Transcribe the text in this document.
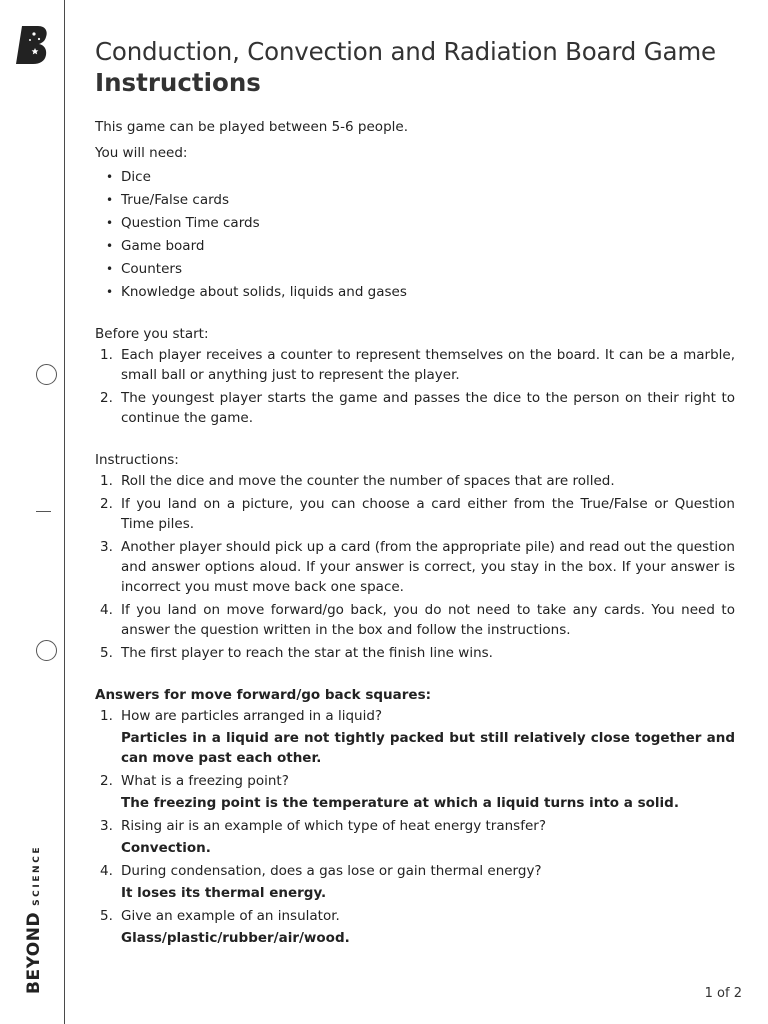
BEYOND
SCIENCE
Conduction, Convection and Radiation Board Game
Instructions

This game can be played between 5-6 people.

You will need:

• Dice
• True/False cards
• Question Time cards
• Game board
• Counters
• Knowledge about solids, liquids and gases
Before you start:
1. Each player receives a counter to represent themselves on the board. It can be a marble, small ball or anything just to represent the player.
2. The youngest player starts the game and passes the dice to the person on their right to continue the game.
Instructions:
1. Roll the dice and move the counter the number of spaces that are rolled.
2. If you land on a picture, you can choose a card either from the True/False or Question Time piles.
3. Another player should pick up a card (from the appropriate pile) and read out the question and answer options aloud. If your answer is correct, you stay in the box. If your answer is incorrect you must move back one space.
4. If you land on move forward/go back, you do not need to take any cards. You need to answer the question written in the box and follow the instructions.
5. The first player to reach the star at the finish line wins.
Answers for move forward/go back squares:
1. How are particles arranged in a liquid?
Particles in a liquid are not tightly packed but still relatively close together and can move past each other.
2. What is a freezing point?
The freezing point is the temperature at which a liquid turns into a solid.
3. Rising air is an example of which type of heat energy transfer?
Convection.
4. During condensation, does a gas lose or gain thermal energy?
It loses its thermal energy.
5. Give an example of an insulator.
Glass/plastic/rubber/air/wood.
1 of 2
